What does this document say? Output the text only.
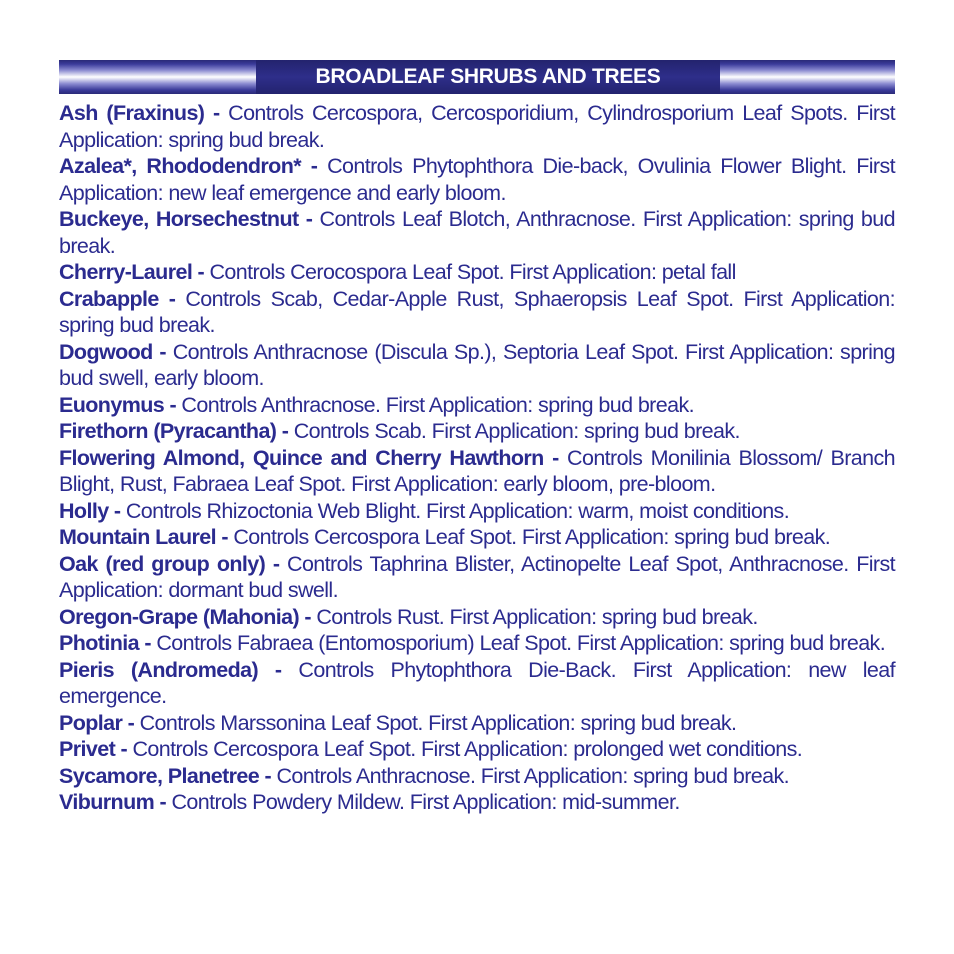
BROADLEAF SHRUBS AND TREES

Ash (Fraxinus) - Controls Cercospora, Cercosporidium, Cylindrosporium Leaf Spots. First Application: spring bud break.

Azalea*, Rhododendron* - Controls Phytophthora Die-back, Ovulinia Flower Blight. First Application: new leaf emergence and early bloom.

Buckeye, Horsechestnut - Controls Leaf Blotch, Anthracnose. First Application: spring bud break.

Cherry-Laurel - Controls Cerocospora Leaf Spot. First Application: petal fall

Crabapple - Controls Scab, Cedar-Apple Rust, Sphaeropsis Leaf Spot. First Application: spring bud break.

Dogwood - Controls Anthracnose (Discula Sp.), Septoria Leaf Spot. First Application: spring bud swell, early bloom.

Euonymus - Controls Anthracnose. First Application: spring bud break.

Firethorn (Pyracantha) - Controls Scab. First Application: spring bud break.

Flowering Almond, Quince and Cherry Hawthorn - Controls Monilinia Blossom/ Branch Blight, Rust, Fabraea Leaf Spot. First Application: early bloom, pre-bloom.

Holly - Controls Rhizoctonia Web Blight. First Application: warm, moist conditions.

Mountain Laurel - Controls Cercospora Leaf Spot. First Application: spring bud break.

Oak (red group only) - Controls Taphrina Blister, Actinopelte Leaf Spot, Anthracnose. First Application: dormant bud swell.

Oregon-Grape (Mahonia) - Controls Rust. First Application: spring bud break.

Photinia - Controls Fabraea (Entomosporium) Leaf Spot. First Application: spring bud break.

Pieris (Andromeda) - Controls Phytophthora Die-Back. First Application: new leaf emergence.

Poplar - Controls Marssonina Leaf Spot. First Application: spring bud break.

Privet - Controls Cercospora Leaf Spot. First Application: prolonged wet conditions.

Sycamore, Planetree - Controls Anthracnose. First Application: spring bud break.

Viburnum - Controls Powdery Mildew. First Application: mid-summer.
